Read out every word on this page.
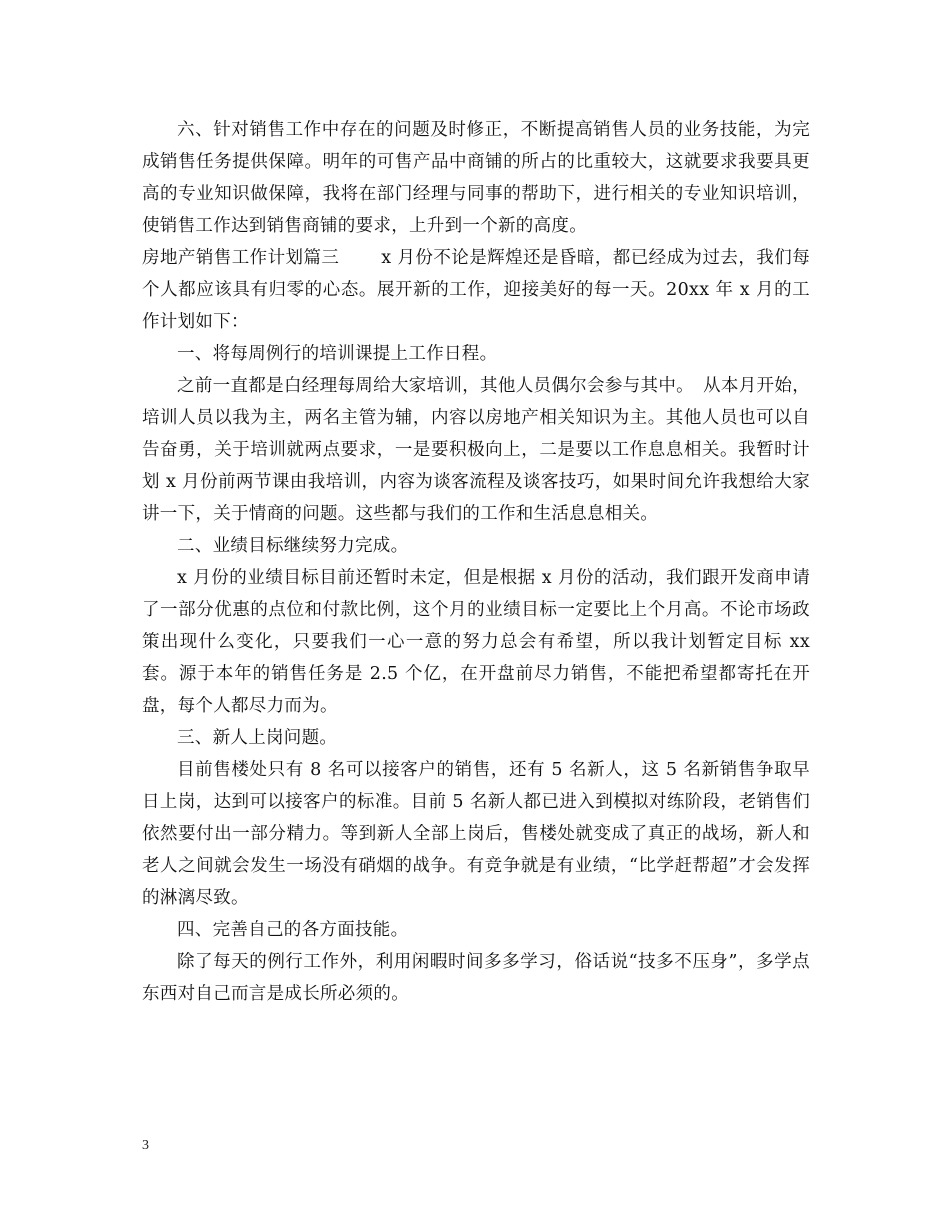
六、针对销售工作中存在的问题及时修正，不断提高销售人员的业务技能，为完成销售任务提供保障。明年的可售产品中商铺的所占的比重较大，这就要求我要具更高的专业知识做保障，我将在部门经理与同事的帮助下，进行相关的专业知识培训，使销售工作达到销售商铺的要求，上升到一个新的高度。

房地产销售工作计划篇三　　 x 月份不论是辉煌还是昏暗，都已经成为过去，我们每个人都应该具有归零的心态。展开新的工作，迎接美好的每一天。20xx 年 x 月的工作计划如下：

一、将每周例行的培训课提上工作日程。

之前一直都是白经理每周给大家培训，其他人员偶尔会参与其中。　从本月开始，培训人员以我为主，两名主管为辅，内容以房地产相关知识为主。其他人员也可以自告奋勇，关于培训就两点要求，一是要积极向上，二是要以工作息息相关。我暂时计划 x 月份前两节课由我培训，内容为谈客流程及谈客技巧，如果时间允许我想给大家讲一下，关于情商的问题。这些都与我们的工作和生活息息相关。

二、业绩目标继续努力完成。

x 月份的业绩目标目前还暂时未定，但是根据 x 月份的活动，我们跟开发商申请了一部分优惠的点位和付款比例，这个月的业绩目标一定要比上个月高。不论市场政策出现什么变化，只要我们一心一意的努力总会有希望，所以我计划暂定目标 xx 套。源于本年的销售任务是 2.5 个亿，在开盘前尽力销售，不能把希望都寄托在开盘，每个人都尽力而为。

三、新人上岗问题。

目前售楼处只有 8 名可以接客户的销售，还有 5 名新人，这 5 名新销售争取早日上岗，达到可以接客户的标准。目前 5 名新人都已进入到模拟对练阶段，老销售们依然要付出一部分精力。等到新人全部上岗后，售楼处就变成了真正的战场，新人和老人之间就会发生一场没有硝烟的战争。有竞争就是有业绩，“比学赶帮超”才会发挥的淋漓尽致。

四、完善自己的各方面技能。

除了每天的例行工作外，利用闲暇时间多多学习，俗话说“技多不压身”，多学点东西对自己而言是成长所必须的。

3
